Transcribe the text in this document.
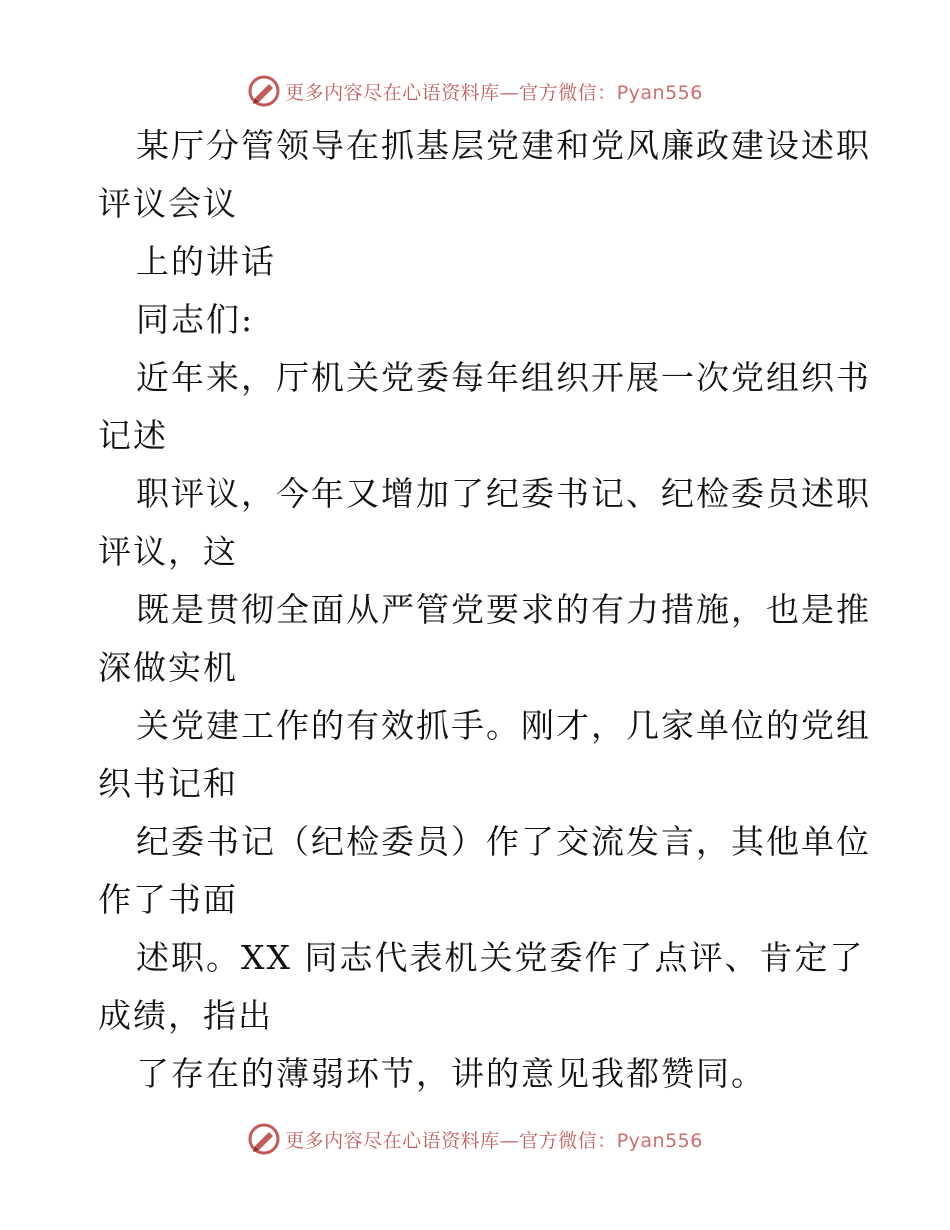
更多内容尽在心语资料库—官方微信：Pyan556
某厅分管领导在抓基层党建和党风廉政建设述职
评议会议
上的讲话
同志们:
近年来，厅机关党委每年组织开展一次党组织书
记述
职评议，今年又增加了纪委书记、纪检委员述职
评议，这
既是贯彻全面从严管党要求的有力措施，也是推
深做实机
关党建工作的有效抓手。刚才，几家单位的党组
织书记和
纪委书记（纪检委员）作了交流发言，其他单位
作了书面
述职。XX 同志代表机关党委作了点评、肯定了
成绩，指出
了存在的薄弱环节，讲的意见我都赞同。
更多内容尽在心语资料库—官方微信：Pyan556
